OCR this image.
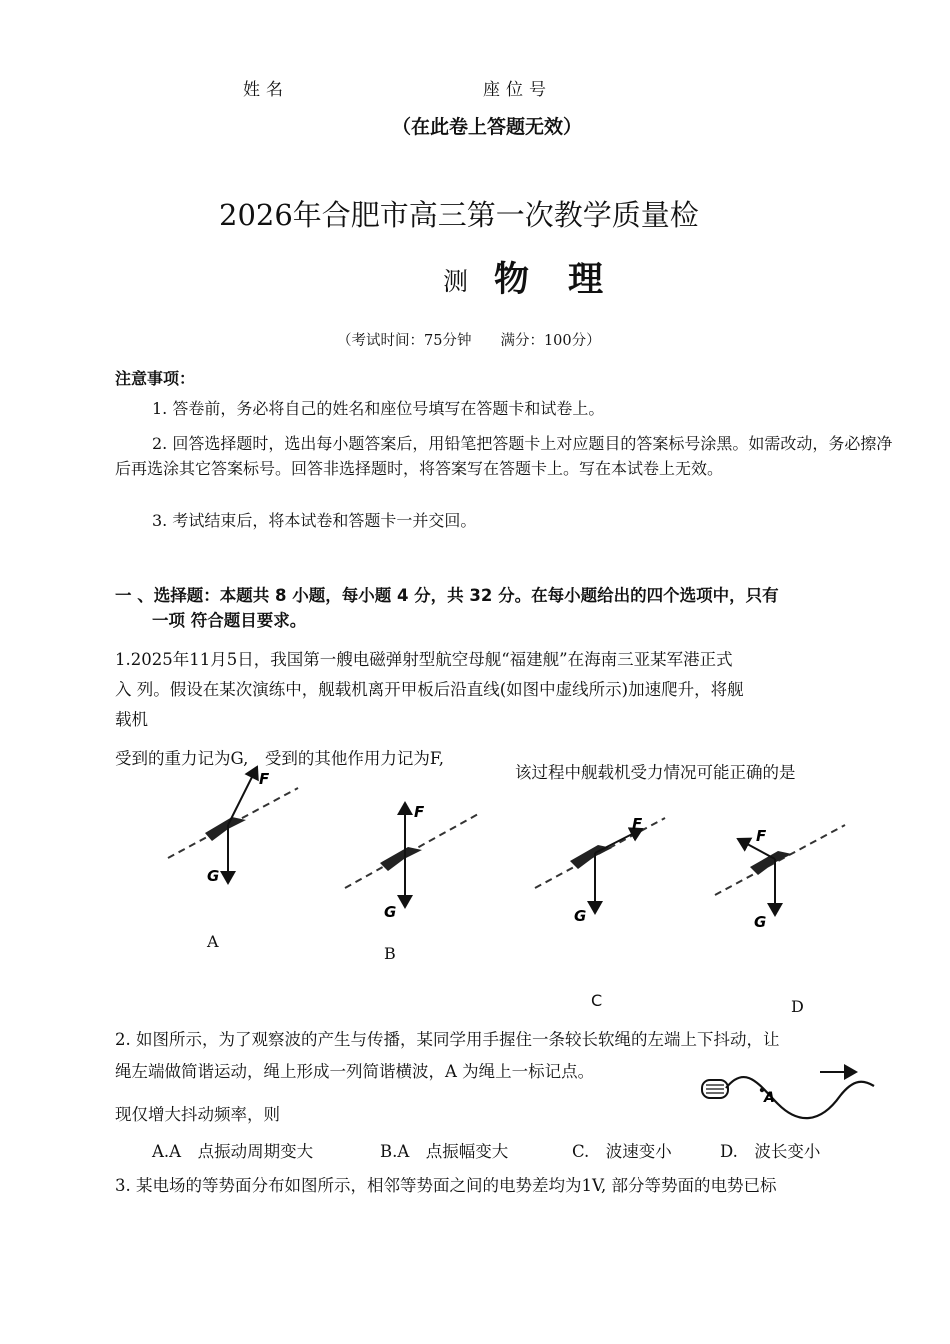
姓名	座位号
（在此卷上答题无效）
2026年合肥市高三第一次教学质量检
测 物　理
（考试时间：75分钟　　满分：100分）
注意事项：
1. 答卷前，务必将自己的姓名和座位号填写在答题卡和试卷上。
2. 回答选择题时，选出每小题答案后，用铅笔把答题卡上对应题目的答案标号涂黑。如需改动，务必擦净后再选涂其它答案标号。回答非选择题时，将答案写在答题卡上。写在本试卷上无效。
3. 考试结束后，将本试卷和答题卡一并交回。
一 、选择题：本题共 8 小题，每小题 4 分，共 32 分。在每小题给出的四个选项中，只有
一项 符合题目要求。
1.2025年11月5日，我国第一艘电磁弹射型航空母舰“福建舰”在海南三亚某军港正式
入 列。假设在某次演练中，舰载机离开甲板后沿直线(如图中虚线所示)加速爬升，将舰
载机
受到的重力记为G,　受到的其他作用力记为F,
该过程中舰载机受力情况可能正确的是
F
G
F
G
F
G
F
G
A
B
C	D
2. 如图所示，为了观察波的产生与传播，某同学用手握住一条较长软绳的左端上下抖动，让
绳左端做简谐运动，绳上形成一列简谐横波，A 为绳上一标记点。
现仅增大抖动频率，则
A
A.A　点振动周期变大	B.A　点振幅变大	C.　波速变小	D.　波长变小
3. 某电场的等势面分布如图所示，相邻等势面之间的电势差均为1V, 部分等势面的电势已标
